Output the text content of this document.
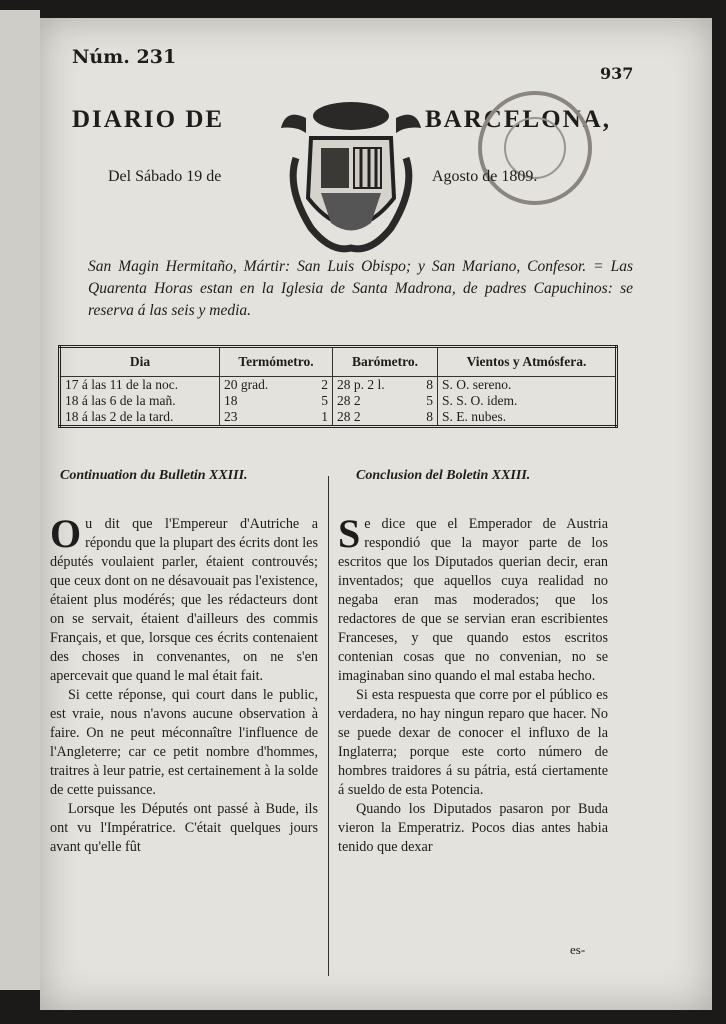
Núm. 231
937
DIARIO DE	BARCELONA,
Del Sábado 19 de	Agosto de 1809.
San Magin Hermitaño, Mártir: San Luis Obispo; y San Mariano, Confesor. = Las Quarenta Horas estan en la Iglesia de Santa Madrona, de padres Capuchinos: se reserva á las seis y media.
Dia	Termómetro.	Barómetro.	Vientos y Atmósfera.
17 á las 11 de la noc.	20 grad. 2	28 p. 2 l. 8	S. O. sereno.
18 á las 6 de la mañ.	18 5	28 2 5	S. S. O. idem.
18 á las 2 de la tard.	23 1	28 2 8	S. E. nubes.
Continuation du Bulletin XXIII.	Conclusion del Boletin XXIII.
O u dit que l'Empereur d'Autriche a répondu que la plupart des écrits dont les députés voulaient parler, étaient controuvés; que ceux dont on ne désavouait pas l'existence, étaient plus modérés; que les rédacteurs dont on se servait, étaient d'ailleurs des commis Français, et que, lorsque ces écrits contenaient des choses in convenantes, on ne s'en apercevait que quand le mal était fait.

Si cette réponse, qui court dans le public, est vraie, nous n'avons aucune observation à faire. On ne peut méconnaître l'influence de l'Angleterre; car ce petit nombre d'hommes, traitres à leur patrie, est certainement à la solde de cette puissance.

Lorsque les Députés ont passé à Bude, ils ont vu l'Impératrice. C'était quelques jours avant qu'elle fût

S e dice que el Emperador de Austria respondió que la mayor parte de los escritos que los Diputados querian decir, eran inventados; que aquellos cuya realidad no negaba eran mas moderados; que los redactores de que se servian eran escribientes Franceses, y que quando estos escritos contenian cosas que no convenian, no se imaginaban sino quando el mal estaba hecho.

Si esta respuesta que corre por el público es verdadera, no hay ningun reparo que hacer. No se puede dexar de conocer el influxo de la Inglaterra; porque este corto número de hombres traidores á su pátria, está ciertamente á sueldo de esta Potencia.

Quando los Diputados pasaron por Buda vieron la Emperatriz. Pocos dias antes habia tenido que dexar

es-
